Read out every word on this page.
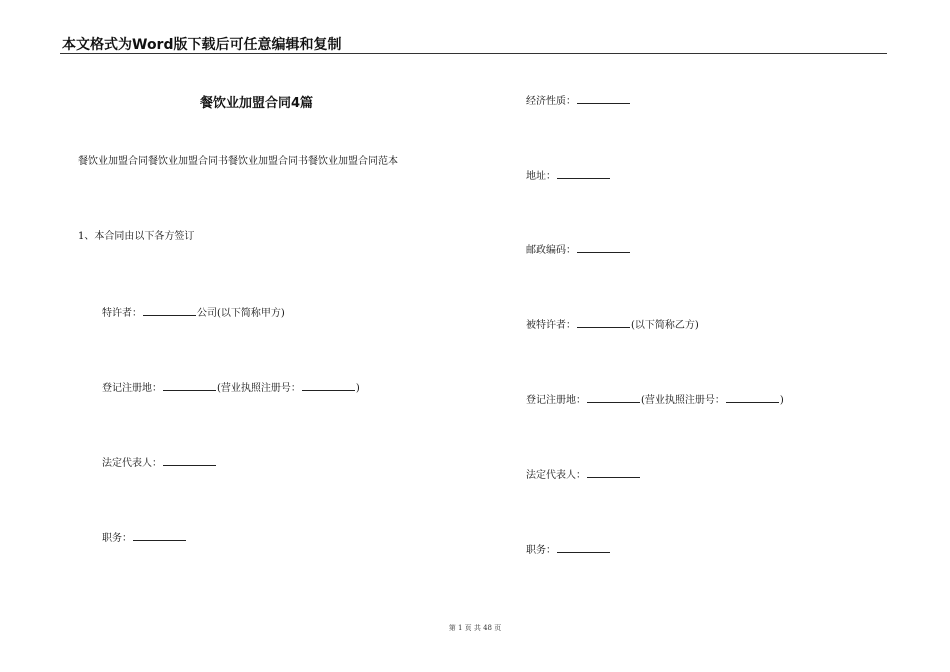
本文格式为Word版下载后可任意编辑和复制
餐饮业加盟合同4篇
餐饮业加盟合同餐饮业加盟合同书餐饮业加盟合同书餐饮业加盟合同范本
1、本合同由以下各方签订
特许者：	公司(以下简称甲方)
登记注册地：	(营业执照注册号：	)
法定代表人：
职务：
经济性质：
地址：
邮政编码：
被特许者：	(以下简称乙方)
登记注册地：	(营业执照注册号：	)
法定代表人：
职务：
第 1 页 共 48 页
